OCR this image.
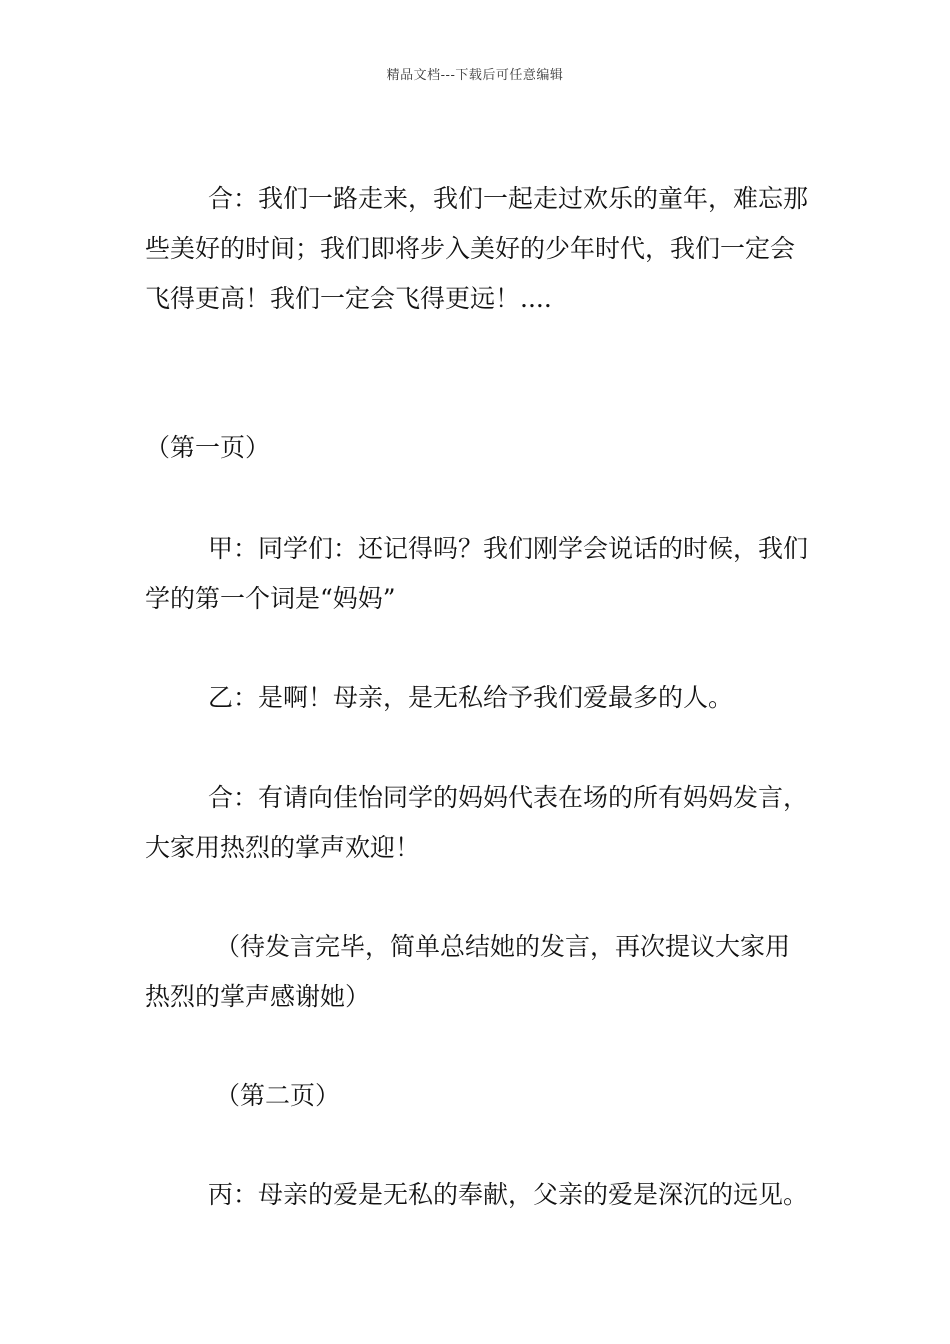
精品文档---下载后可任意编辑

合：我们一路走来，我们一起走过欢乐的童年，难忘那些美好的时间；我们即将步入美好的少年时代，我们一定会飞得更高！我们一定会飞得更远！....

（第一页）

甲：同学们：还记得吗？我们刚学会说话的时候，我们学的第一个词是“妈妈”

乙：是啊！母亲，是无私给予我们爱最多的人。

合：有请向佳怡同学的妈妈代表在场的所有妈妈发言，大家用热烈的掌声欢迎！

（待发言完毕，简单总结她的发言，再次提议大家用热烈的掌声感谢她）

（第二页）

丙：母亲的爱是无私的奉献，父亲的爱是深沉的远见。
